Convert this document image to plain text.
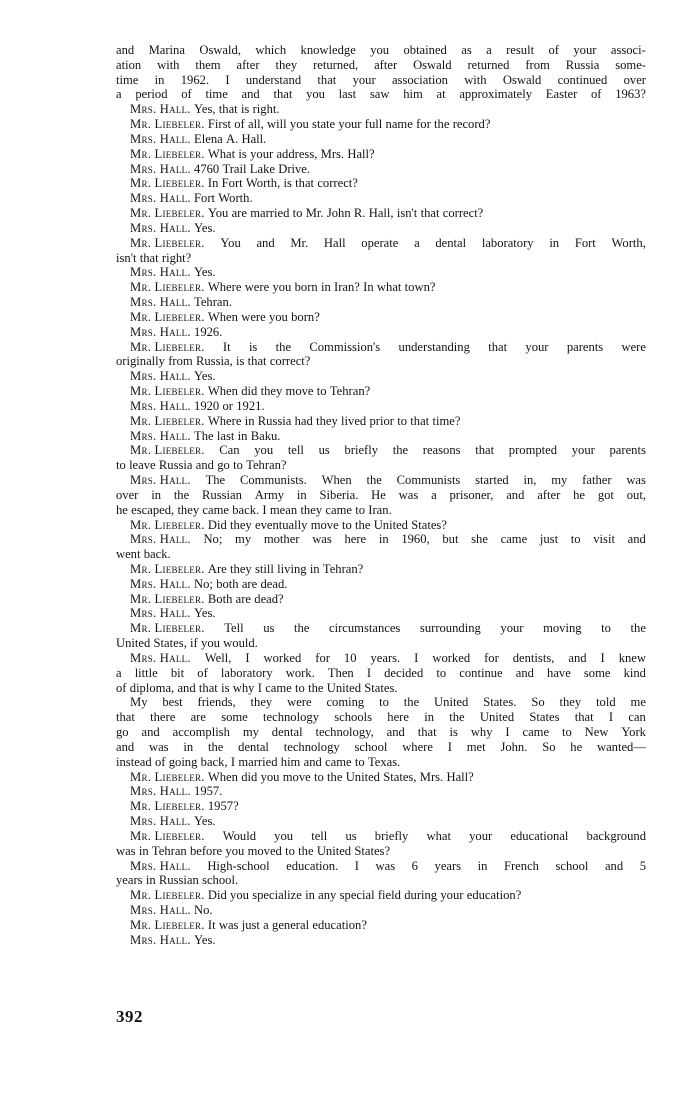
and Marina Oswald, which knowledge you obtained as a result of your associ-
ation with them after they returned, after Oswald returned from Russia some-
time in 1962. I understand that your association with Oswald continued over
a period of time and that you last saw him at approximately Easter of 1963?
Mrs. Hall. Yes, that is right.
Mr. Liebeler. First of all, will you state your full name for the record?
Mrs. Hall. Elena A. Hall.
Mr. Liebeler. What is your address, Mrs. Hall?
Mrs. Hall. 4760 Trail Lake Drive.
Mr. Liebeler. In Fort Worth, is that correct?
Mrs. Hall. Fort Worth.
Mr. Liebeler. You are married to Mr. John R. Hall, isn't that correct?
Mrs. Hall. Yes.
Mr. Liebeler. You and Mr. Hall operate a dental laboratory in Fort Worth,
isn't that right?
Mrs. Hall. Yes.
Mr. Liebeler. Where were you born in Iran? In what town?
Mrs. Hall. Tehran.
Mr. Liebeler. When were you born?
Mrs. Hall. 1926.
Mr. Liebeler. It is the Commission's understanding that your parents were
originally from Russia, is that correct?
Mrs. Hall. Yes.
Mr. Liebeler. When did they move to Tehran?
Mrs. Hall. 1920 or 1921.
Mr. Liebeler. Where in Russia had they lived prior to that time?
Mrs. Hall. The last in Baku.
Mr. Liebeler. Can you tell us briefly the reasons that prompted your parents
to leave Russia and go to Tehran?
Mrs. Hall. The Communists. When the Communists started in, my father was
over in the Russian Army in Siberia. He was a prisoner, and after he got out,
he escaped, they came back. I mean they came to Iran.
Mr. Liebeler. Did they eventually move to the United States?
Mrs. Hall. No; my mother was here in 1960, but she came just to visit and
went back.
Mr. Liebeler. Are they still living in Tehran?
Mrs. Hall. No; both are dead.
Mr. Liebeler. Both are dead?
Mrs. Hall. Yes.
Mr. Liebeler. Tell us the circumstances surrounding your moving to the
United States, if you would.
Mrs. Hall. Well, I worked for 10 years. I worked for dentists, and I knew
a little bit of laboratory work. Then I decided to continue and have some kind
of diploma, and that is why I came to the United States.
My best friends, they were coming to the United States. So they told me
that there are some technology schools here in the United States that I can
go and accomplish my dental technology, and that is why I came to New York
and was in the dental technology school where I met John. So he wanted—
instead of going back, I married him and came to Texas.
Mr. Liebeler. When did you move to the United States, Mrs. Hall?
Mrs. Hall. 1957.
Mr. Liebeler. 1957?
Mrs. Hall. Yes.
Mr. Liebeler. Would you tell us briefly what your educational background
was in Tehran before you moved to the United States?
Mrs. Hall. High-school education. I was 6 years in French school and 5
years in Russian school.
Mr. Liebeler. Did you specialize in any special field during your education?
Mrs. Hall. No.
Mr. Liebeler. It was just a general education?
Mrs. Hall. Yes.
392
